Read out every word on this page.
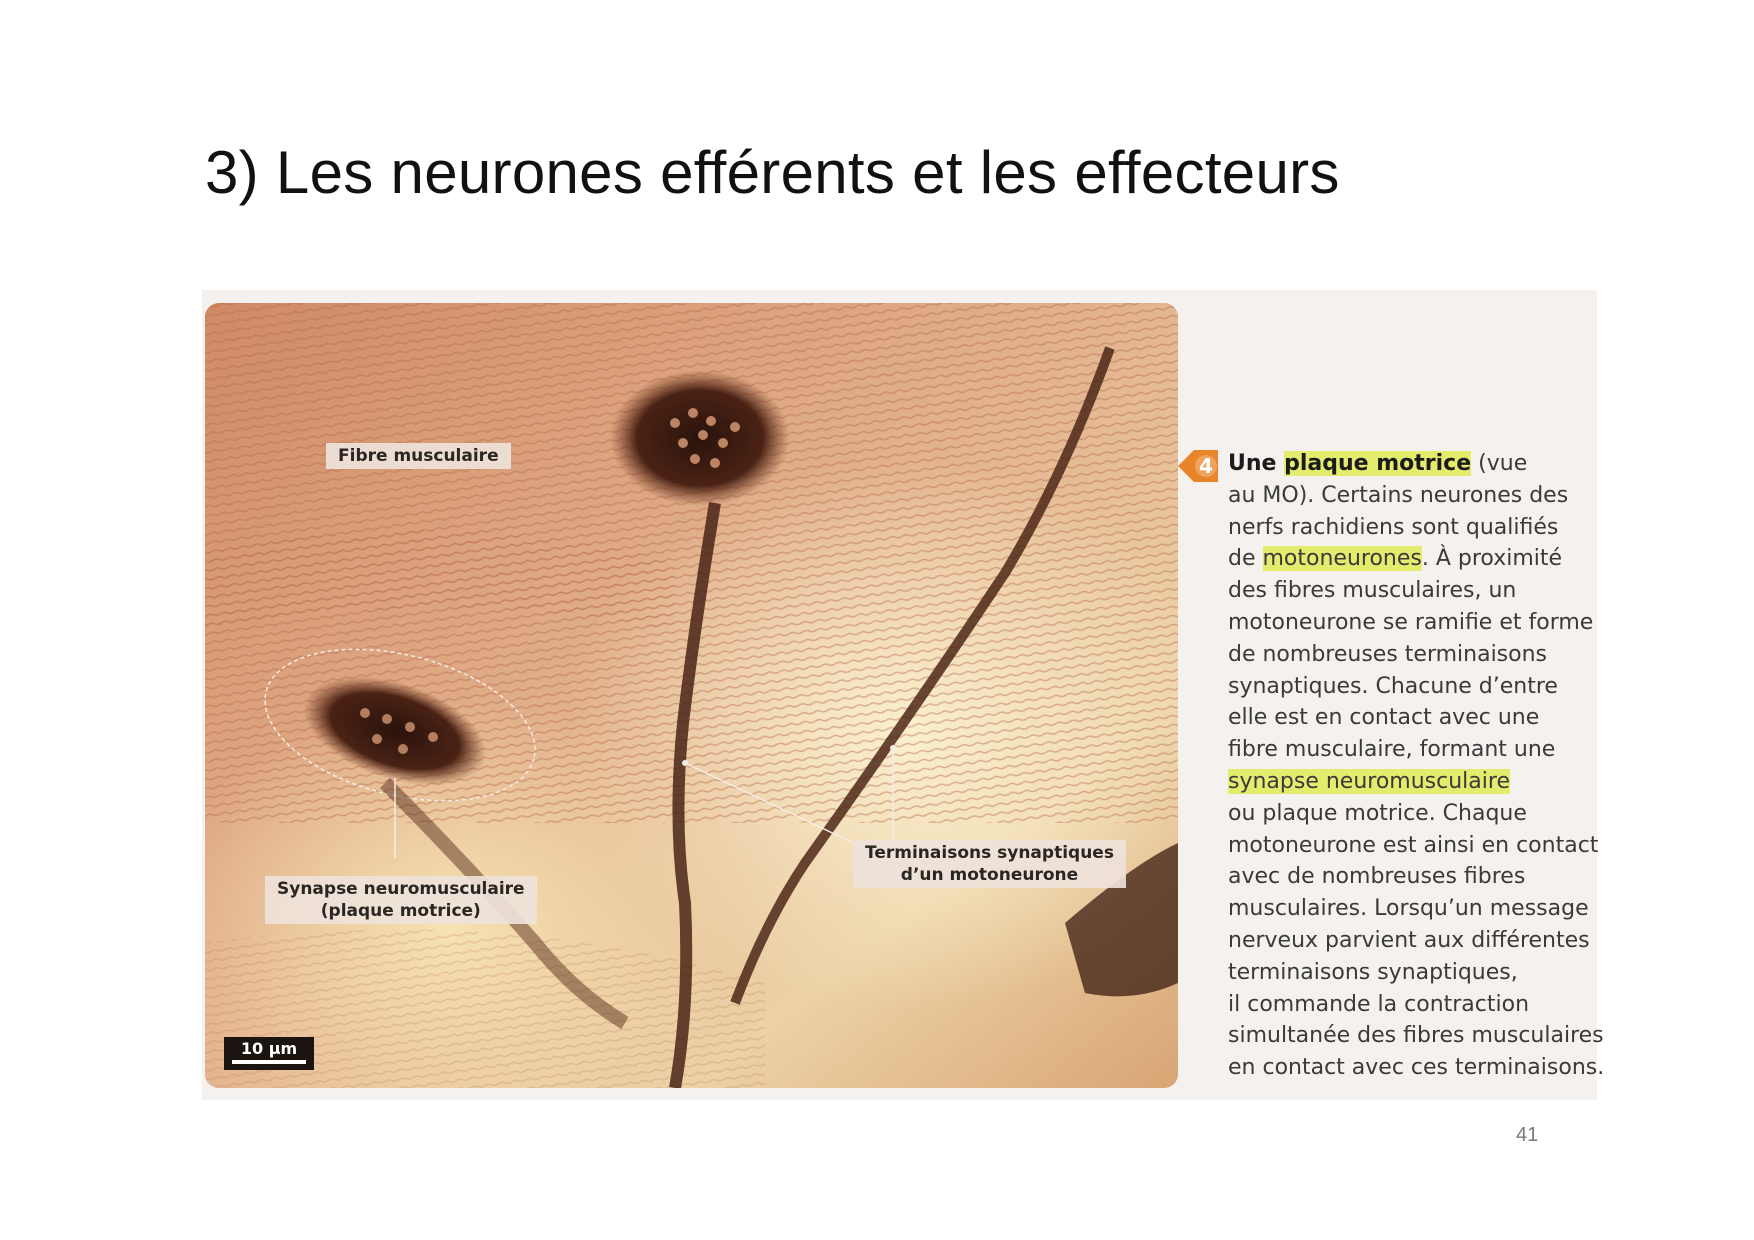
3) Les neurones efférents et les effecteurs
Fibre musculaire
Synapse neuromusculaire
(plaque motrice)
Terminaisons synaptiques
d’un motoneurone
10 µm
4 Une plaque motrice (vue
au MO). Certains neurones des
nerfs rachidiens sont qualifiés
de motoneurones. À proximité
des fibres musculaires, un
motoneurone se ramifie et forme
de nombreuses terminaisons
synaptiques. Chacune d’entre
elle est en contact avec une
fibre musculaire, formant une
synapse neuromusculaire
ou plaque motrice. Chaque
motoneurone est ainsi en contact
avec de nombreuses fibres
musculaires. Lorsqu’un message
nerveux parvient aux différentes
terminaisons synaptiques,
il commande la contraction
simultanée des fibres musculaires
en contact avec ces terminaisons.
41
